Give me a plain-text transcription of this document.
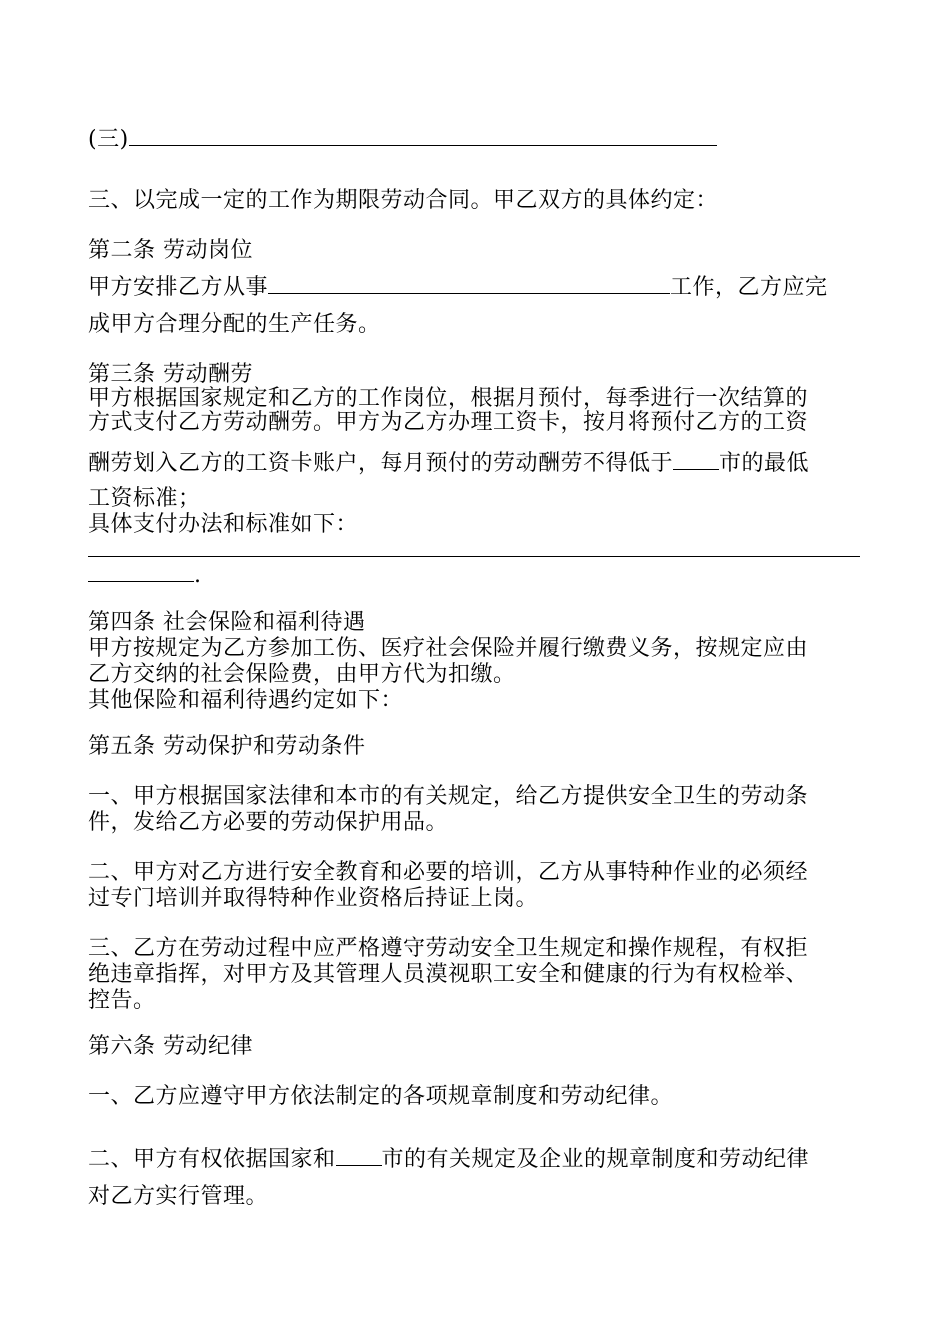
(三)
三、以完成一定的工作为期限劳动合同。甲乙双方的具体约定：
第二条 劳动岗位
甲方安排乙方从事	工作，乙方应完
成甲方合理分配的生产任务。
第三条 劳动酬劳
甲方根据国家规定和乙方的工作岗位，根据月预付，每季进行一次结算的
方式支付乙方劳动酬劳。甲方为乙方办理工资卡，按月将预付乙方的工资
酬劳划入乙方的工资卡账户，每月预付的劳动酬劳不得低于 市的最低
工资标准；
具体支付办法和标准如下：
.
第四条 社会保险和福利待遇
甲方按规定为乙方参加工伤、医疗社会保险并履行缴费义务，按规定应由
乙方交纳的社会保险费，由甲方代为扣缴。
其他保险和福利待遇约定如下：
第五条 劳动保护和劳动条件
一、甲方根据国家法律和本市的有关规定，给乙方提供安全卫生的劳动条
件，发给乙方必要的劳动保护用品。
二、甲方对乙方进行安全教育和必要的培训，乙方从事特种作业的必须经
过专门培训并取得特种作业资格后持证上岗。
三、乙方在劳动过程中应严格遵守劳动安全卫生规定和操作规程，有权拒
绝违章指挥，对甲方及其管理人员漠视职工安全和健康的行为有权检举、
控告。
第六条 劳动纪律
一、乙方应遵守甲方依法制定的各项规章制度和劳动纪律。
二、甲方有权依据国家和 市的有关规定及企业的规章制度和劳动纪律
对乙方实行管理。
